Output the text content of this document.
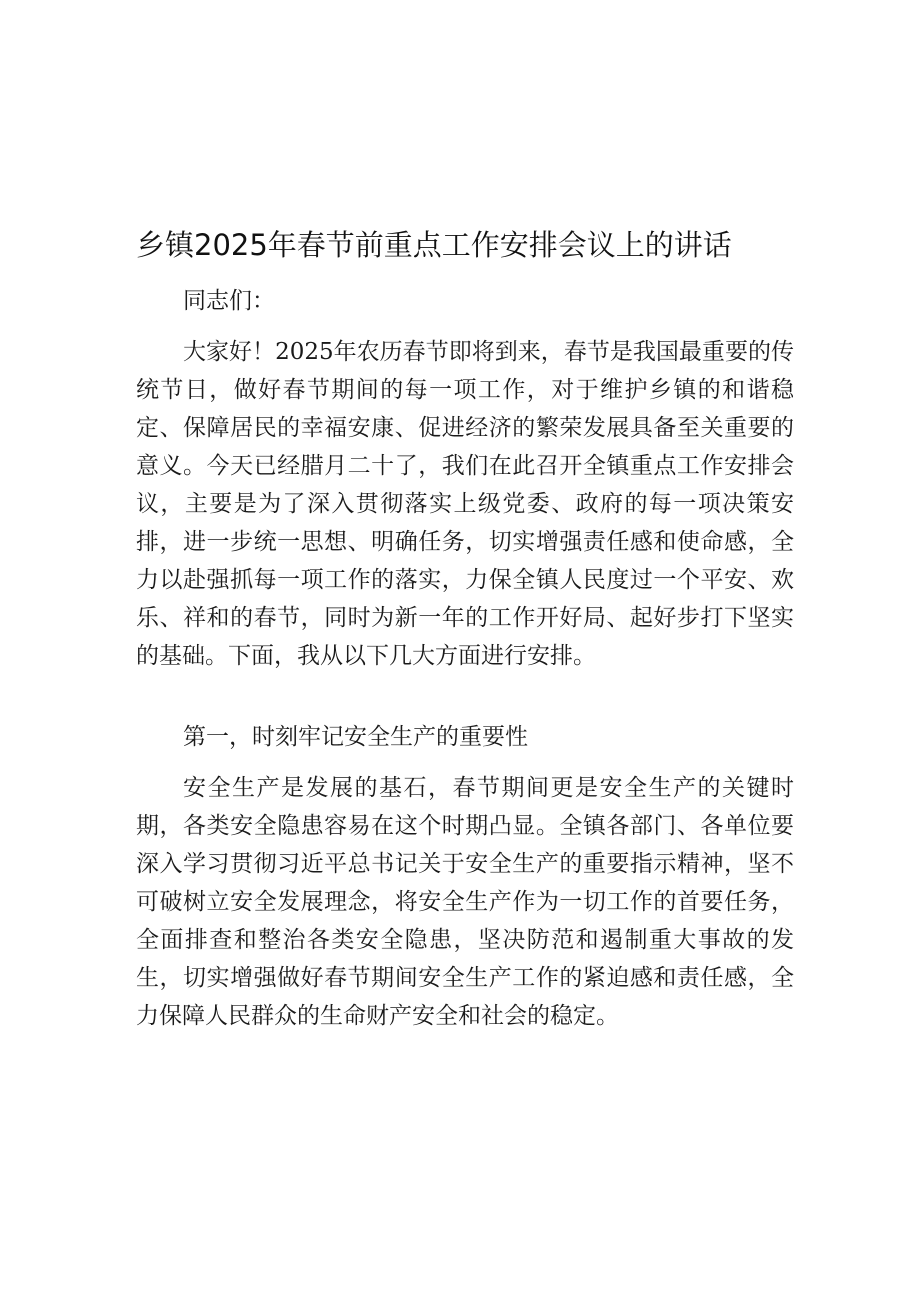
乡镇2025年春节前重点工作安排会议上的讲话

同志们：

大家好！2025年农历春节即将到来，春节是我国最重要的传统节日，做好春节期间的每一项工作，对于维护乡镇的和谐稳定、保障居民的幸福安康、促进经济的繁荣发展具备至关重要的意义。今天已经腊月二十了，我们在此召开全镇重点工作安排会议，主要是为了深入贯彻落实上级党委、政府的每一项决策安排，进一步统一思想、明确任务，切实增强责任感和使命感，全力以赴强抓每一项工作的落实，力保全镇人民度过一个平安、欢乐、祥和的春节，同时为新一年的工作开好局、起好步打下坚实的基础。下面，我从以下几大方面进行安排。

第一，时刻牢记安全生产的重要性

安全生产是发展的基石，春节期间更是安全生产的关键时期，各类安全隐患容易在这个时期凸显。全镇各部门、各单位要深入学习贯彻习近平总书记关于安全生产的重要指示精神，坚不可破树立安全发展理念，将安全生产作为一切工作的首要任务，全面排查和整治各类安全隐患，坚决防范和遏制重大事故的发生，切实增强做好春节期间安全生产工作的紧迫感和责任感，全力保障人民群众的生命财产安全和社会的稳定。
